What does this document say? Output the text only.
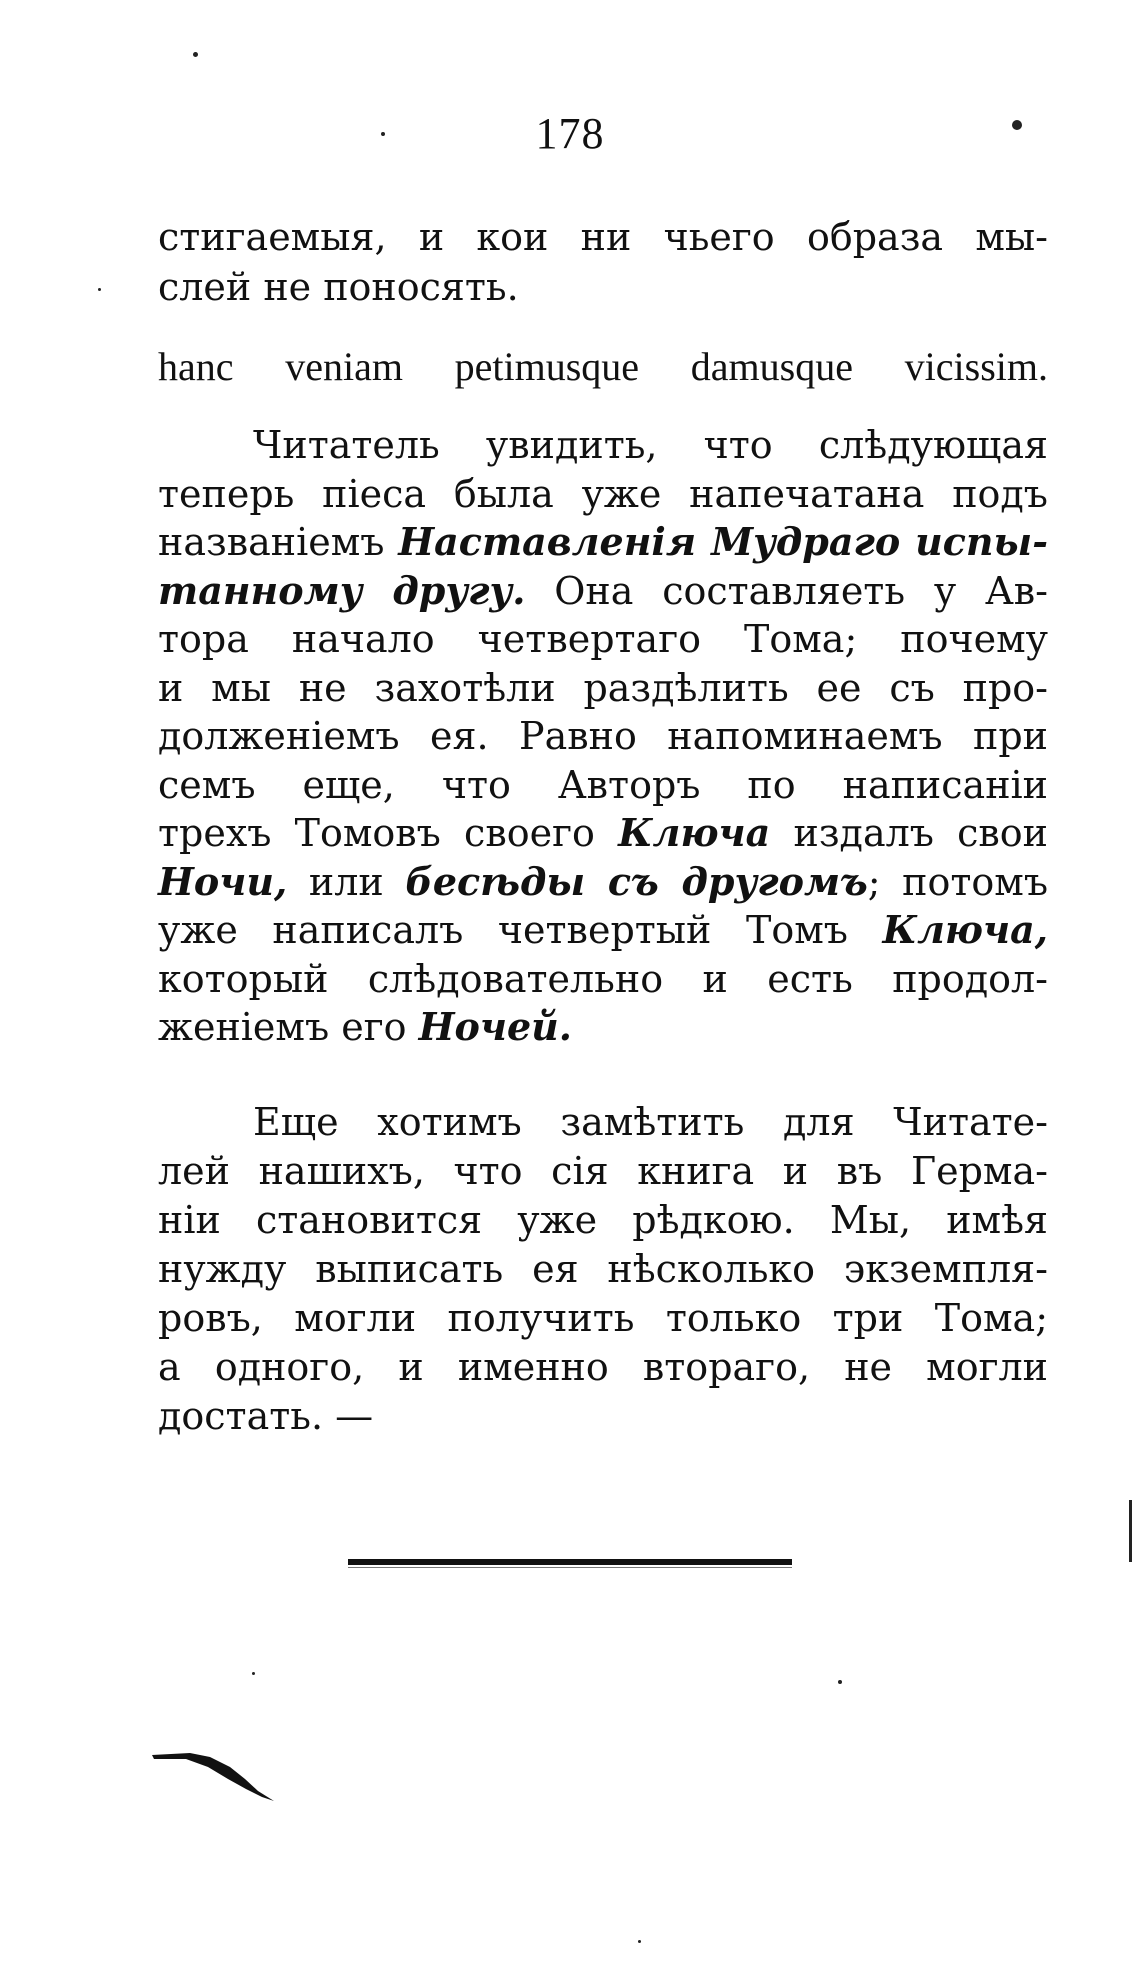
178
стигаемыя, и кои ни чьего образа мы-
слей не поносять.
hanc veniam petimusque damusque vicissim.
Читатель увидить, что слѣдующая
теперь піеса была уже напечатана подъ
названіемъ Наставленія Мудраго испы-
танному другу. Она составляеть у Ав-
тора начало четвертаго Тома; почему
и мы не захотѣли раздѣлить ее съ про-
долженіемъ ея. Равно напоминаемъ при
семъ еще, что Авторъ по написаніи
трехъ Томовъ своего Ключа издалъ свои
Ночи, или бесѣды съ другомъ; потомъ
уже написалъ четвертый Томъ Ключа,
который слѣдовательно и есть продол-
женіемъ его Ночей.
Еще хотимъ замѣтить для Читате-
лей нашихъ, что сія книга и въ Герма-
ніи становится уже рѣдкою. Мы, имѣя
нужду выписать ея нѣсколько экземпля-
ровъ, могли получить только три Тома;
а одного, и именно втораго, не могли
достать. —
